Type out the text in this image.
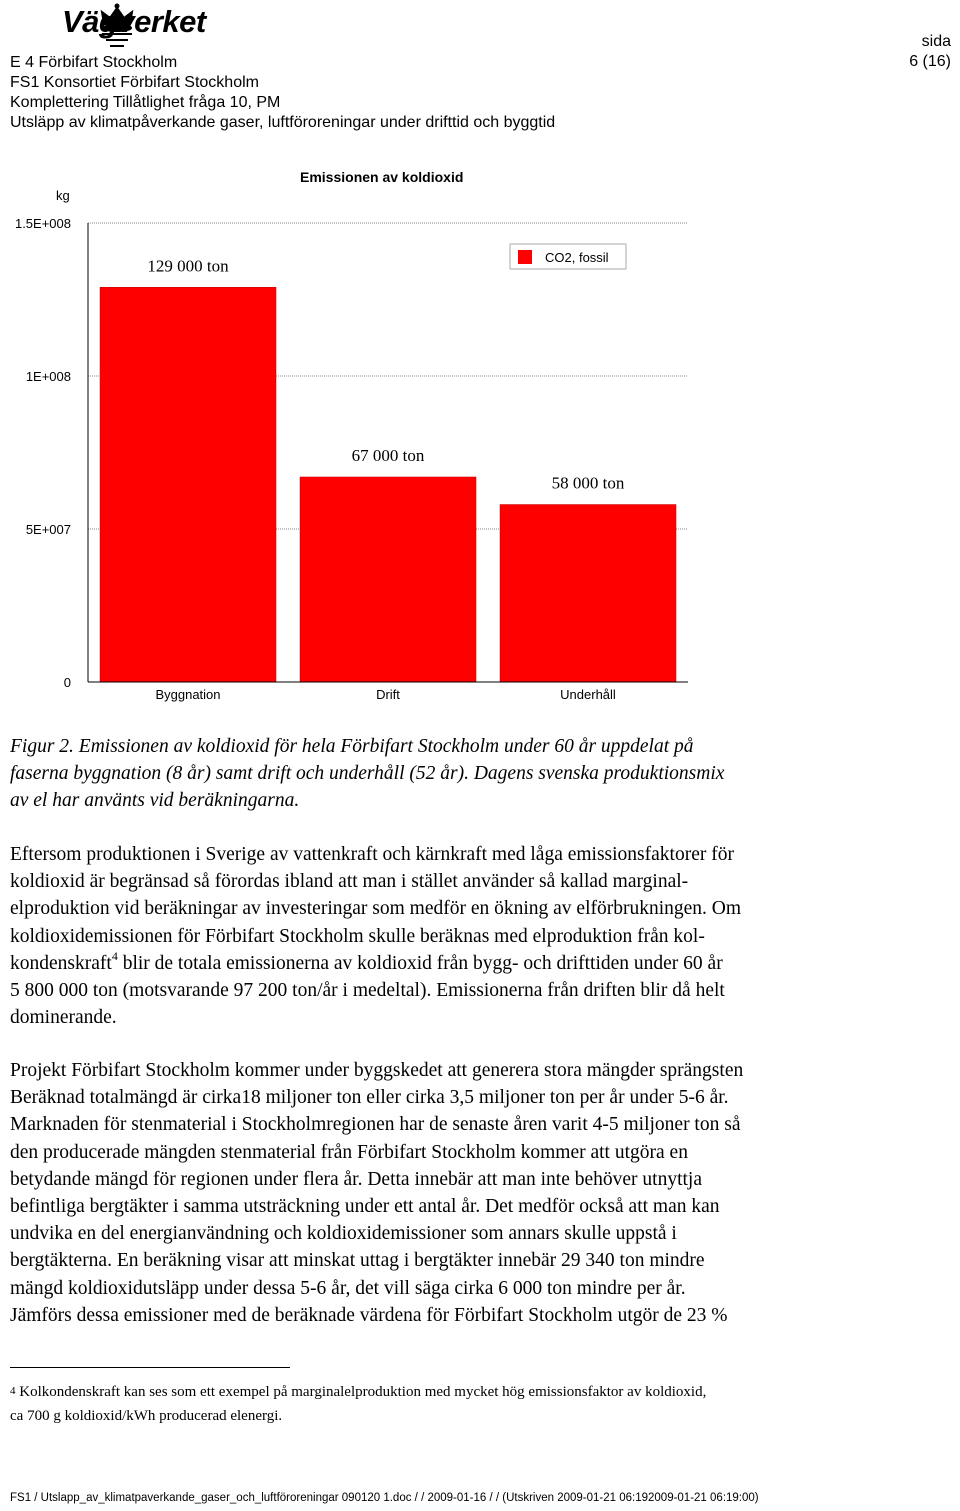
Vägverket
E 4 Förbifart Stockholm
FS1 Konsortiet Förbifart Stockholm
Komplettering Tillåtlighet fråga 10, PM
Utsläpp av klimatpåverkande gaser, luftföroreningar under drifttid och byggtid
sida
6 (16)
Emissionen av koldioxid
kg
0
5E+007
1E+008
1.5E+008
129 000 ton
67 000 ton
58 000 ton
Byggnation	Drift	Underhåll
CO2, fossil
Figur 2. Emissionen av koldioxid för hela Förbifart Stockholm under 60 år uppdelat på
faserna byggnation (8 år) samt drift och underhåll (52 år). Dagens svenska produktionsmix
av el har använts vid beräkningarna.
Eftersom produktionen i Sverige av vattenkraft och kärnkraft med låga emissionsfaktorer för
koldioxid är begränsad så förordas ibland att man i stället använder så kallad marginal-
elproduktion vid beräkningar av investeringar som medför en ökning av elförbrukningen. Om
koldioxidemissionen för Förbifart Stockholm skulle beräknas med elproduktion från kol-
kondenskraft$^4$ blir de totala emissionerna av koldioxid från bygg- och drifttiden under 60 år
5 800 000 ton (motsvarande 97 200 ton/år i medeltal). Emissionerna från driften blir då helt
dominerande.
Projekt Förbifart Stockholm kommer under byggskedet att generera stora mängder sprängsten
Beräknad totalmängd är cirka18 miljoner ton eller cirka 3,5 miljoner ton per år under 5-6 år.
Marknaden för stenmaterial i Stockholmregionen har de senaste åren varit 4-5 miljoner ton så
den producerade mängden stenmaterial från Förbifart Stockholm kommer att utgöra en
betydande mängd för regionen under flera år. Detta innebär att man inte behöver utnyttja
befintliga bergtäkter i samma utsträckning under ett antal år. Det medför också att man kan
undvika en del energianvändning och koldioxidemissioner som annars skulle uppstå i
bergtäkterna. En beräkning visar att minskat uttag i bergtäkter innebär 29 340 ton mindre
mängd koldioxidutsläpp under dessa 5-6 år, det vill säga cirka 6 000 ton mindre per år.
Jämförs dessa emissioner med de beräknade värdena för Förbifart Stockholm utgör de 23 %
4 Kolkondenskraft kan ses som ett exempel på marginalelproduktion med mycket hög emissionsfaktor av koldioxid,
ca 700 g koldioxid/kWh producerad elenergi.
FS1 / Utslapp_av_klimatpaverkande_gaser_och_luftföroreningar 090120 1.doc / / 2009-01-16 / / (Utskriven 2009-01-21 06:192009-01-21 06:19:00)
